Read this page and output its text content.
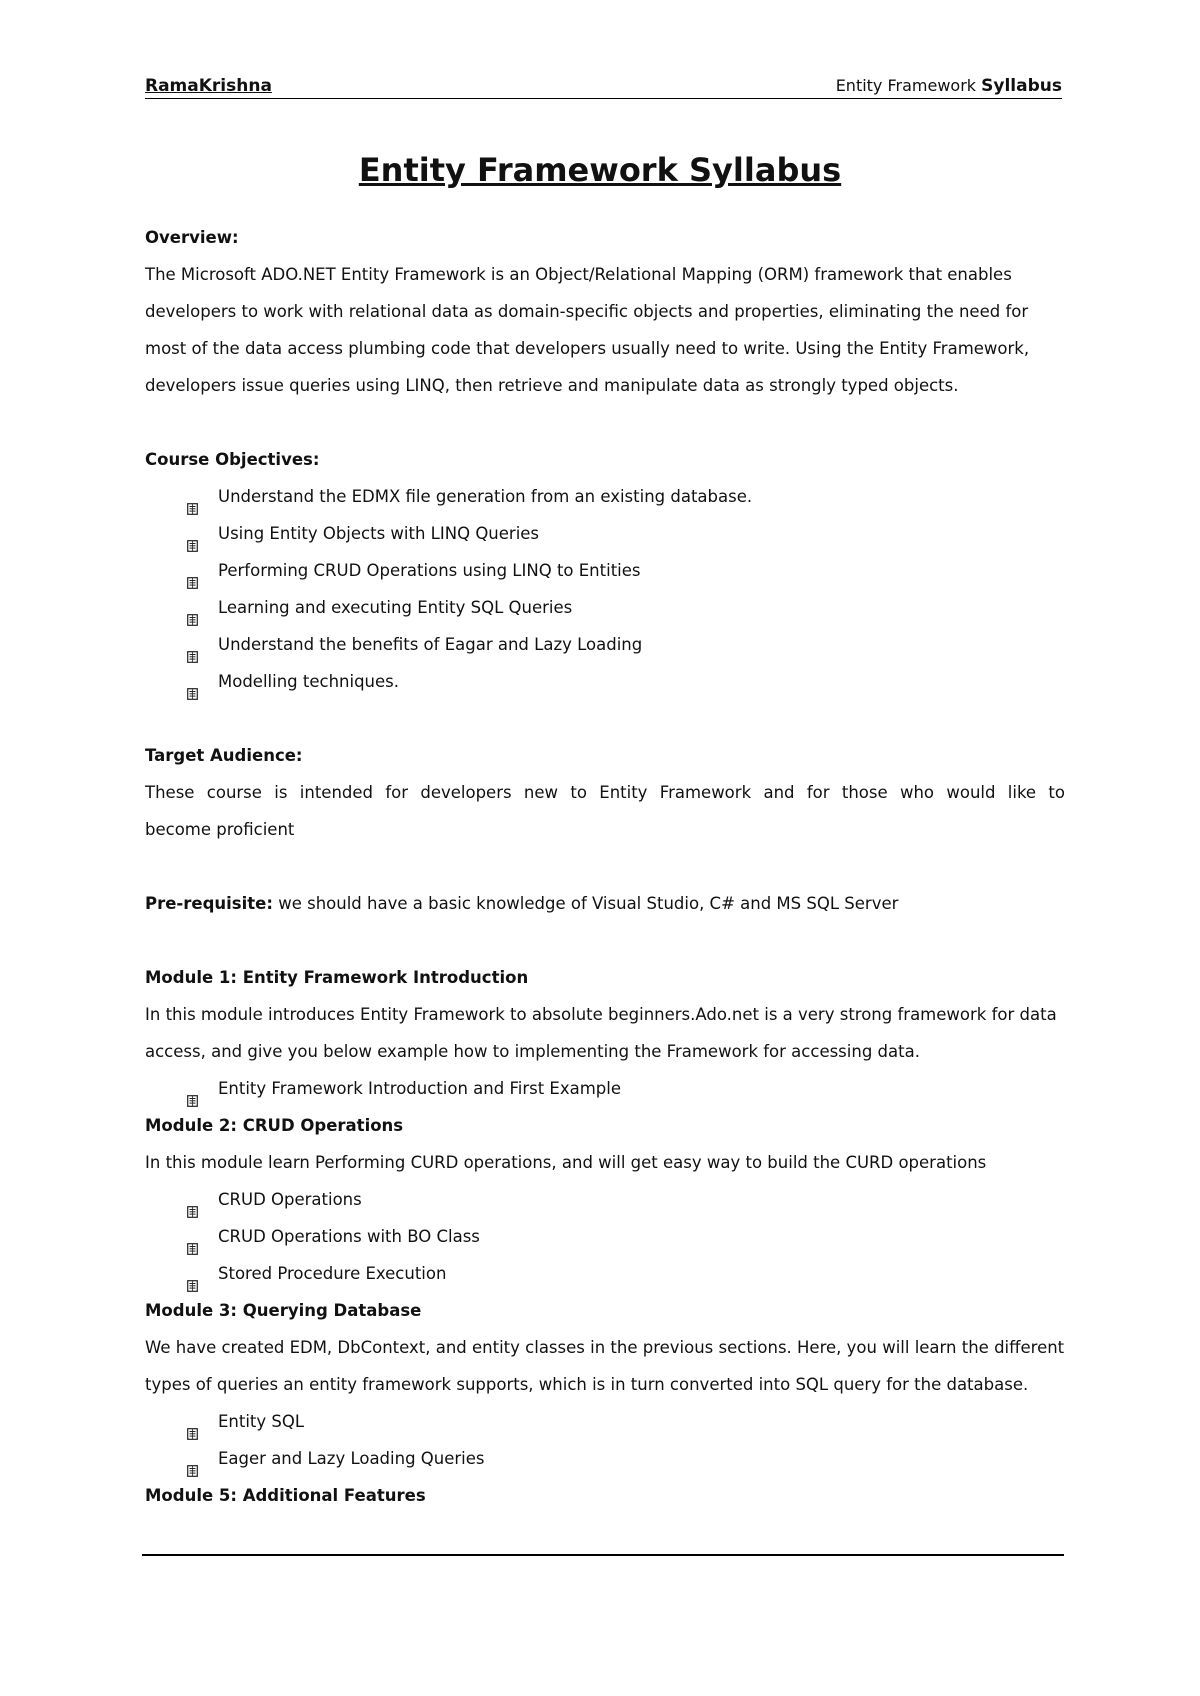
RamaKrishna	Entity Framework Syllabus
Entity Framework Syllabus
Overview:
The Microsoft ADO.NET Entity Framework is an Object/Relational Mapping (ORM) framework that enables
developers to work with relational data as domain-specific objects and properties, eliminating the need for
most of the data access plumbing code that developers usually need to write. Using the Entity Framework,
developers issue queries using LINQ, then retrieve and manipulate data as strongly typed objects.
Course Objectives:
Understand the EDMX file generation from an existing database.
Using Entity Objects with LINQ Queries
Performing CRUD Operations using LINQ to Entities
Learning and executing Entity SQL Queries
Understand the benefits of Eagar and Lazy Loading
Modelling techniques.
Target Audience:
These course is intended for developers new to Entity Framework and for those who would like to
become proficient
Pre-requisite: we should have a basic knowledge of Visual Studio, C# and MS SQL Server
Module 1: Entity Framework Introduction
In this module introduces Entity Framework to absolute beginners.Ado.net is a very strong framework for data
access, and give you below example how to implementing the Framework for accessing data.
Entity Framework Introduction and First Example
Module 2: CRUD Operations
In this module learn Performing CURD operations, and will get easy way to build the CURD operations
CRUD Operations
CRUD Operations with BO Class
Stored Procedure Execution
Module 3: Querying Database
We have created EDM, DbContext, and entity classes in the previous sections. Here, you will learn the different
types of queries an entity framework supports, which is in turn converted into SQL query for the database.
Entity SQL
Eager and Lazy Loading Queries
Module 5: Additional Features
